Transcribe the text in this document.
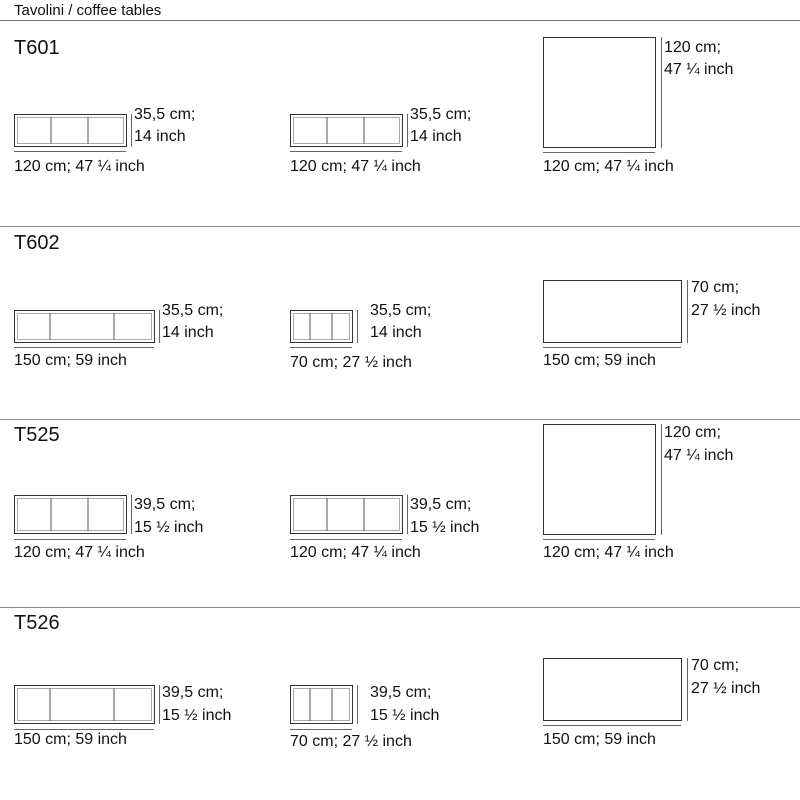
Tavolini / coffee tables
T601
35,5 cm;
14 inch
120 cm; 47 ¼ inch
35,5 cm;
14 inch
120 cm; 47 ¼ inch
120 cm;
47 ¼ inch
120 cm; 47 ¼ inch
T602
35,5 cm;
14 inch
150 cm; 59 inch
35,5 cm;
14 inch
70 cm; 27 ½ inch
70 cm;
27 ½ inch
150 cm; 59 inch
T525
39,5 cm;
15 ½ inch
120 cm; 47 ¼ inch
39,5 cm;
15 ½ inch
120 cm; 47 ¼ inch
120 cm;
47 ¼ inch
120 cm; 47 ¼ inch
T526
39,5 cm;
15 ½ inch
150 cm; 59 inch
39,5 cm;
15 ½ inch
70 cm; 27 ½ inch
70 cm;
27 ½ inch
150 cm; 59 inch
